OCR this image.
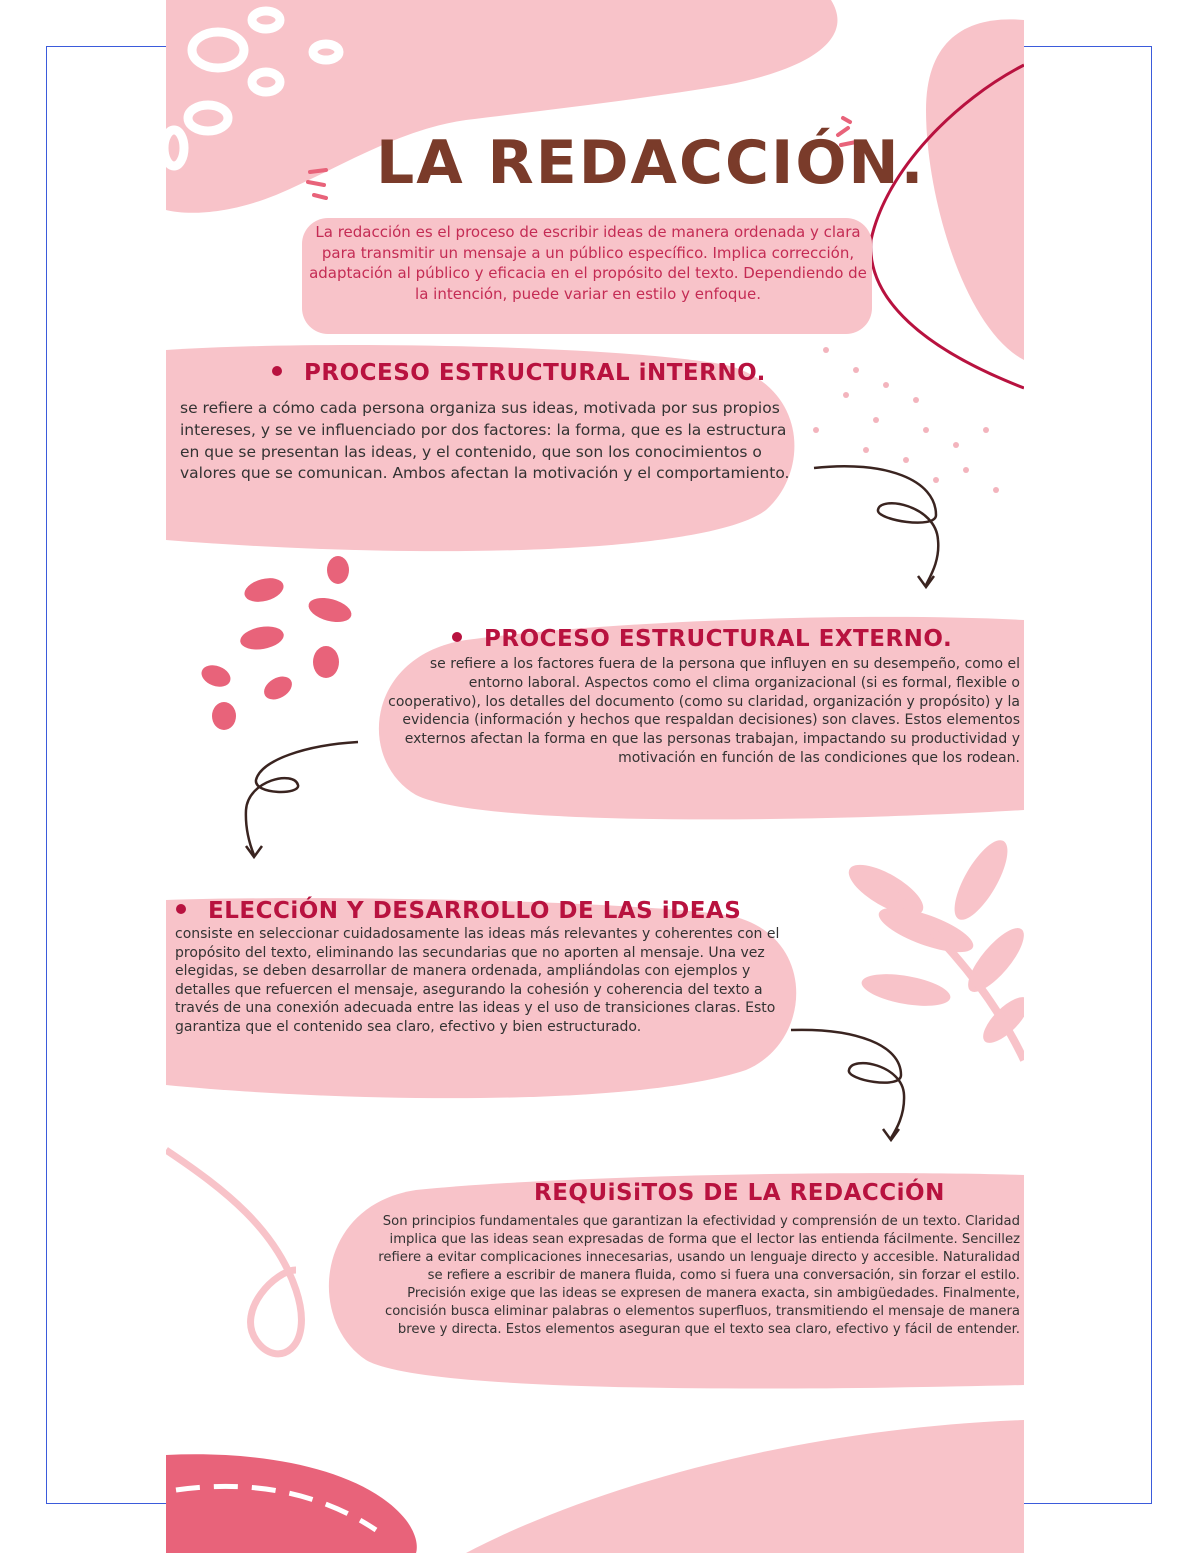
LA REDACCIÓN.

La redacción es el proceso de escribir ideas de manera ordenada y clara para transmitir un mensaje a un público específico. Implica corrección, adaptación al público y eficacia en el propósito del texto. Dependiendo de la intención, puede variar en estilo y enfoque.

PROCESO ESTRUCTURAL iNTERNO.

se refiere a cómo cada persona organiza sus ideas, motivada por sus propios intereses, y se ve influenciado por dos factores: la forma, que es la estructura en que se presentan las ideas, y el contenido, que son los conocimientos o valores que se comunican. Ambos afectan la motivación y el comportamiento.

PROCESO ESTRUCTURAL EXTERNO.

se refiere a los factores fuera de la persona que influyen en su desempeño, como el entorno laboral. Aspectos como el clima organizacional (si es formal, flexible o cooperativo), los detalles del documento (como su claridad, organización y propósito) y la evidencia (información y hechos que respaldan decisiones) son claves. Estos elementos externos afectan la forma en que las personas trabajan, impactando su productividad y motivación en función de las condiciones que los rodean.

ELECCiÓN Y DESARROLLO DE LAS iDEAS

consiste en seleccionar cuidadosamente las ideas más relevantes y coherentes con el propósito del texto, eliminando las secundarias que no aporten al mensaje. Una vez elegidas, se deben desarrollar de manera ordenada, ampliándolas con ejemplos y detalles que refuercen el mensaje, asegurando la cohesión y coherencia del texto a través de una conexión adecuada entre las ideas y el uso de transiciones claras. Esto garantiza que el contenido sea claro, efectivo y bien estructurado.

REQUiSiTOS DE LA REDACCiÓN

Son principios fundamentales que garantizan la efectividad y comprensión de un texto. Claridad implica que las ideas sean expresadas de forma que el lector las entienda fácilmente. Sencillez refiere a evitar complicaciones innecesarias, usando un lenguaje directo y accesible. Naturalidad se refiere a escribir de manera fluida, como si fuera una conversación, sin forzar el estilo. Precisión exige que las ideas se expresen de manera exacta, sin ambigüedades. Finalmente, concisión busca eliminar palabras o elementos superfluos, transmitiendo el mensaje de manera breve y directa. Estos elementos aseguran que el texto sea claro, efectivo y fácil de entender.
